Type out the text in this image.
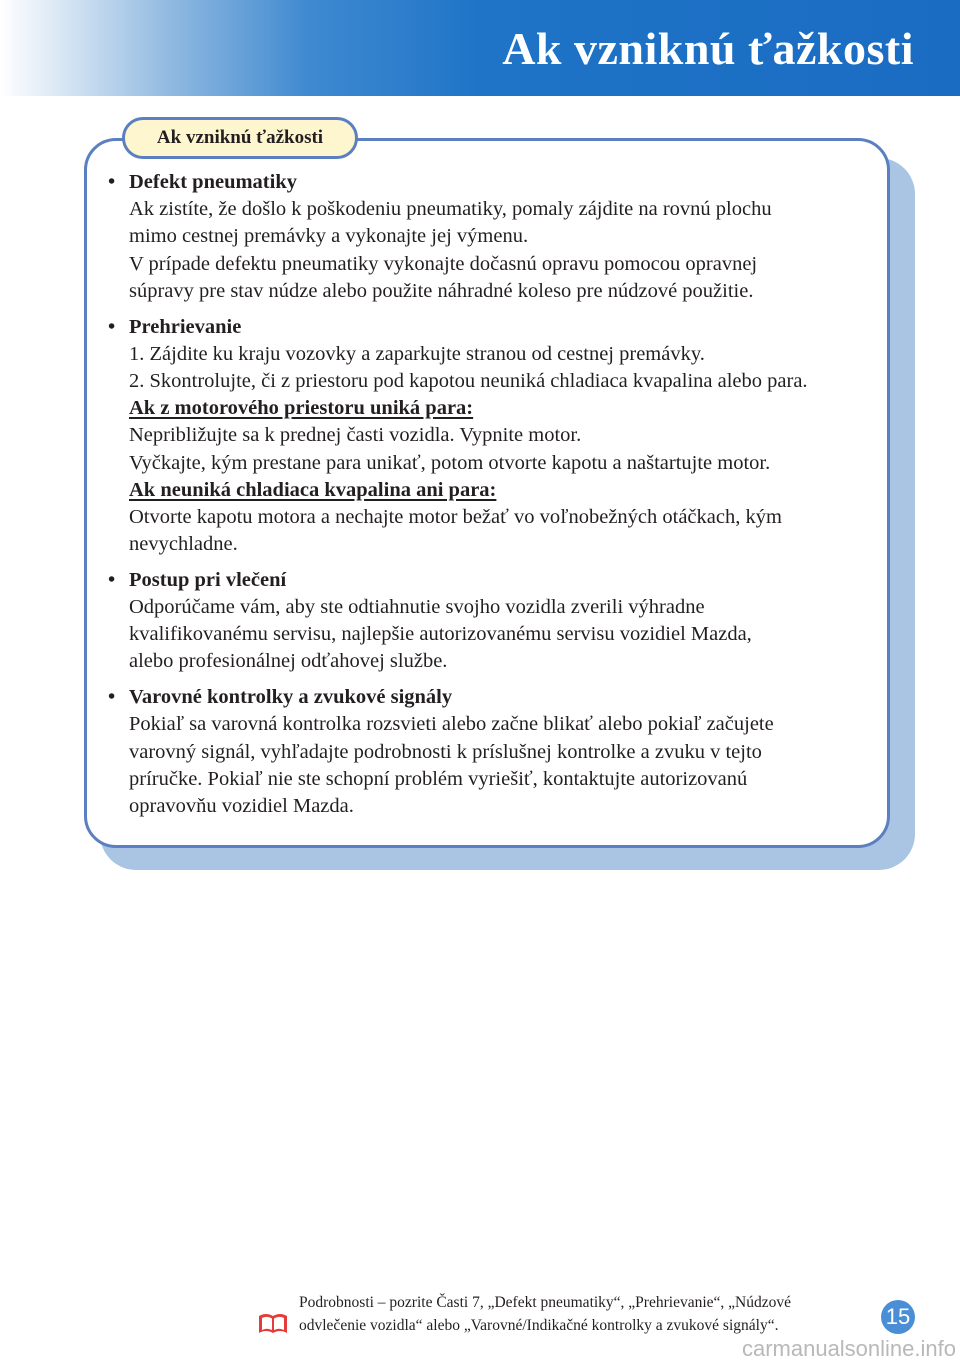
Ak vzniknú ťažkosti
Ak vzniknú ťažkosti
• Defekt pneumatiky
Ak zistíte, že došlo k poškodeniu pneumatiky, pomaly zájdite na rovnú plochu
mimo cestnej premávky a vykonajte jej výmenu.
V prípade defektu pneumatiky vykonajte dočasnú opravu pomocou opravnej
súpravy pre stav núdze alebo použite náhradné koleso pre núdzové použitie.
• Prehrievanie
1. Zájdite ku kraju vozovky a zaparkujte stranou od cestnej premávky.
2. Skontrolujte, či z priestoru pod kapotou neuniká chladiaca kvapalina alebo para.
Ak z motorového priestoru uniká para:
Nepribližujte sa k prednej časti vozidla. Vypnite motor.
Vyčkajte, kým prestane para unikať, potom otvorte kapotu a naštartujte motor.
Ak neuniká chladiaca kvapalina ani para:
Otvorte kapotu motora a nechajte motor bežať vo voľnobežných otáčkach, kým
nevychladne.
• Postup pri vlečení
Odporúčame vám, aby ste odtiahnutie svojho vozidla zverili výhradne
kvalifikovanému servisu, najlepšie autorizovanému servisu vozidiel Mazda,
alebo profesionálnej odťahovej službe.
• Varovné kontrolky a zvukové signály
Pokiaľ sa varovná kontrolka rozsvieti alebo začne blikať alebo pokiaľ začujete
varovný signál, vyhľadajte podrobnosti k príslušnej kontrolke a zvuku v tejto
príručke. Pokiaľ nie ste schopní problém vyriešiť, kontaktujte autorizovanú
opravovňu vozidiel Mazda.
Podrobnosti – pozrite Časti 7, „Defekt pneumatiky“, „Prehrievanie“, „Núdzové
odvlečenie vozidla“ alebo „Varovné/Indikačné kontrolky a zvukové signály“.	15
carmanualsonline.info
